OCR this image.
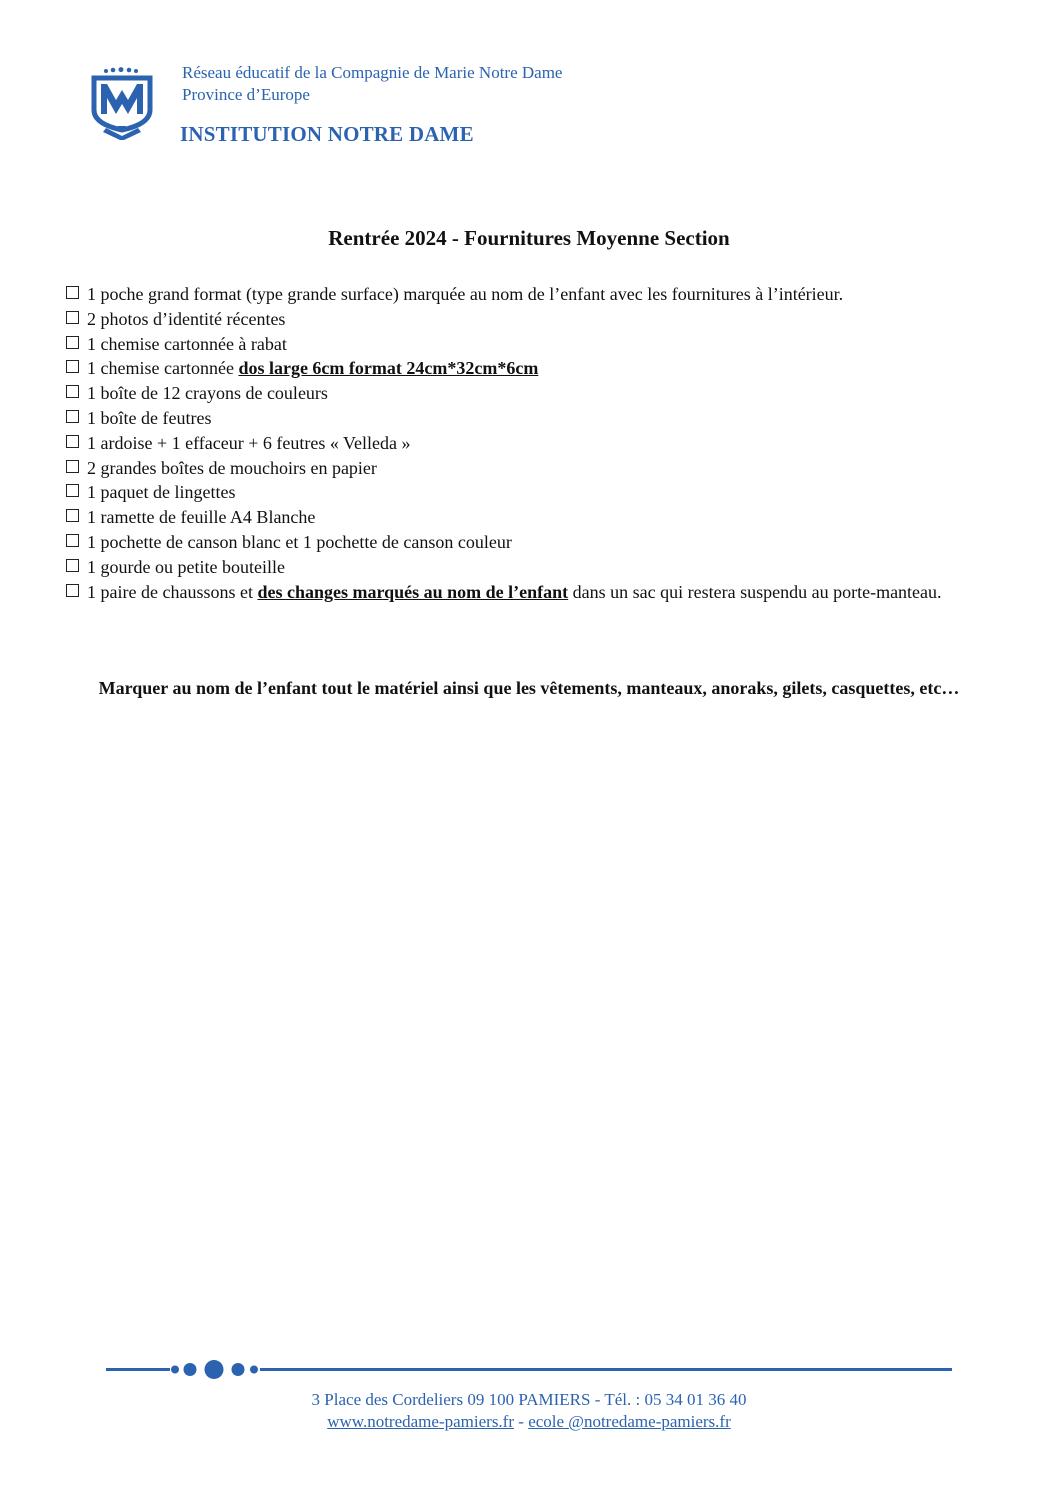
Réseau éducatif de la Compagnie de Marie Notre Dame
Province d’Europe
INSTITUTION NOTRE DAME
Rentrée 2024 - Fournitures Moyenne Section
1 poche grand format (type grande surface) marquée au nom de l’enfant avec les fournitures à l’intérieur.
2 photos d’identité récentes
1 chemise cartonnée à rabat
1 chemise cartonnée dos large 6cm format 24cm*32cm*6cm
1 boîte de 12 crayons de couleurs
1 boîte de feutres
1 ardoise + 1 effaceur + 6 feutres « Velleda »
2 grandes boîtes de mouchoirs en papier
1 paquet de lingettes
1 ramette de feuille A4 Blanche
1 pochette de canson blanc et 1 pochette de canson couleur
1 gourde ou petite bouteille
1 paire de chaussons et des changes marqués au nom de l’enfant dans un sac qui restera suspendu au porte-manteau.
Marquer au nom de l’enfant tout le matériel ainsi que les vêtements, manteaux, anoraks, gilets, casquettes, etc…
3 Place des Cordeliers 09 100 PAMIERS - Tél. : 05 34 01 36 40
www.notredame-pamiers.fr - ecole @notredame-pamiers.fr
